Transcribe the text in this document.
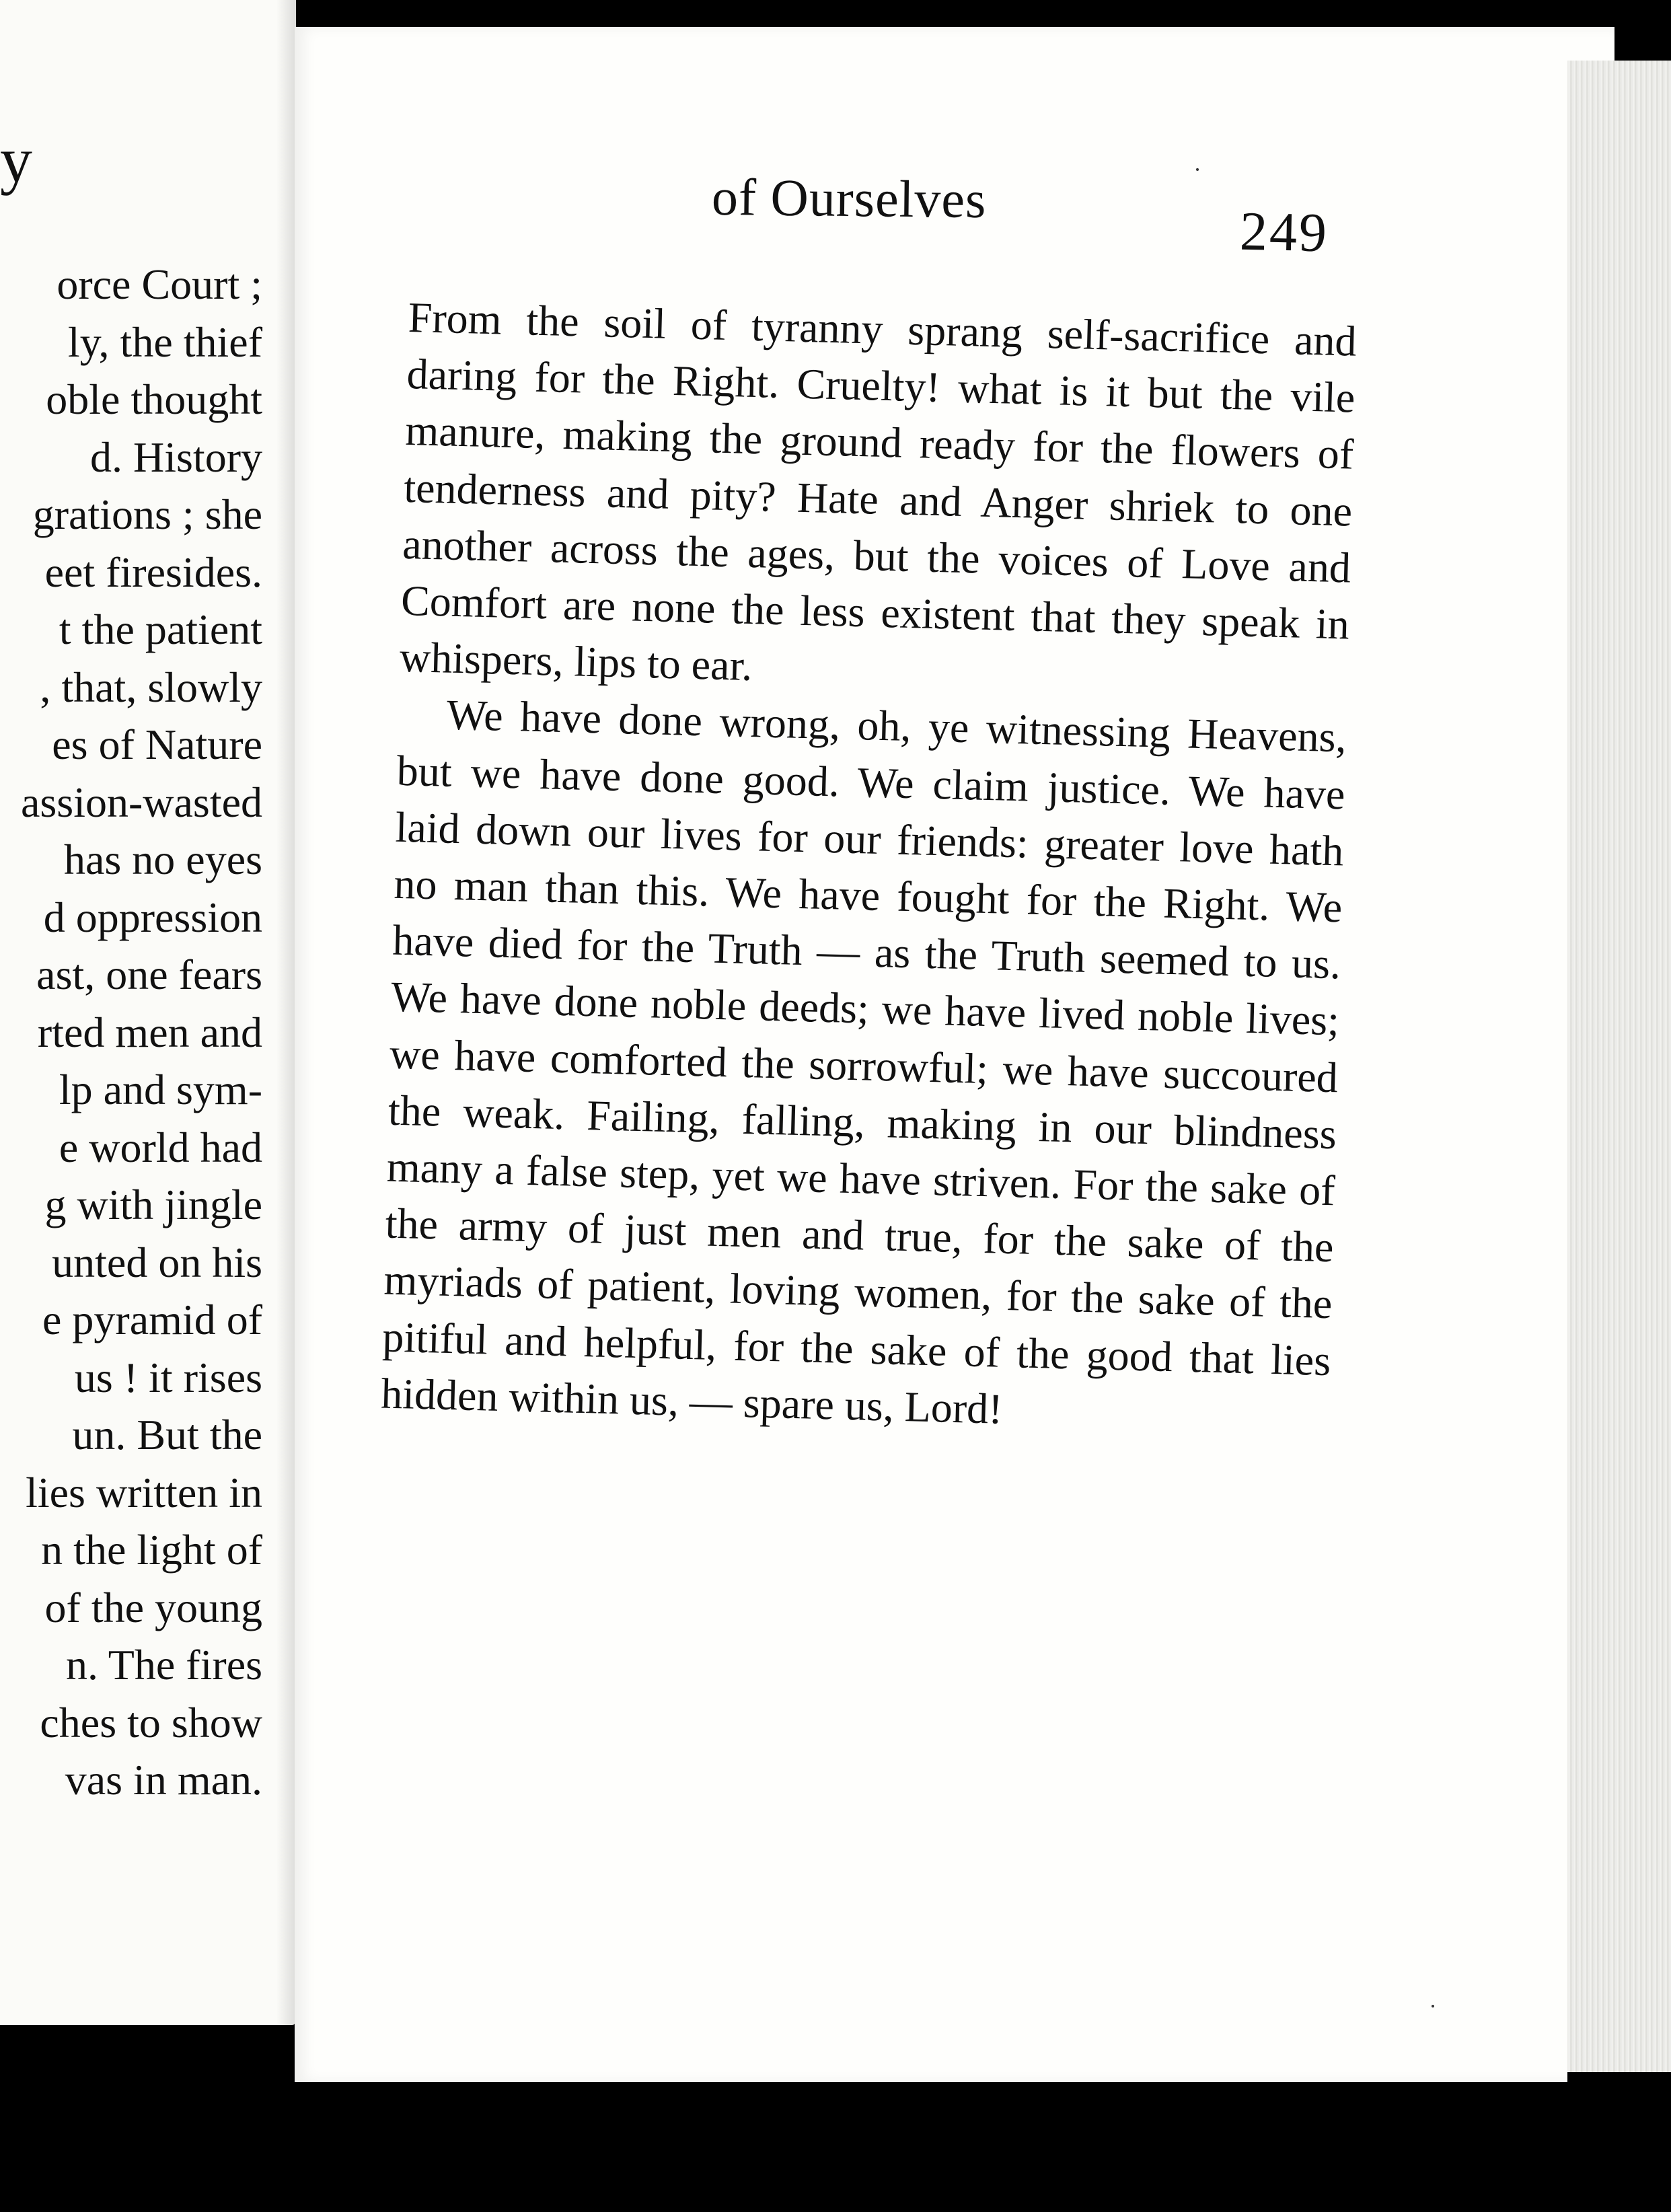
y
orce Court ;
ly, the thief
oble thought
d. History
grations ; she
eet firesides.
t the patient
, that, slowly
es of Nature
assion-wasted
has no eyes
d oppression
ast, one fears
rted men and
lp and sym-
e world had
g with jingle
unted on his
e pyramid of
us ! it rises
un. But the
lies written in
n the light of
of the young
n. The fires
ches to show
vas in man.
of Ourselves
249

From the soil of tyranny sprang self-sacrifice and daring for the Right. Cruelty! what is it but the vile manure, making the ground ready for the flowers of tenderness and pity? Hate and Anger shriek to one another across the ages, but the voices of Love and Comfort are none the less existent that they speak in whispers, lips to ear.

We have done wrong, oh, ye witnessing Heavens, but we have done good. We claim justice. We have laid down our lives for our friends: greater love hath no man than this. We have fought for the Right. We have died for the Truth — as the Truth seemed to us. We have done noble deeds; we have lived noble lives; we have comforted the sorrowful; we have succoured the weak. Failing, falling, making in our blindness many a false step, yet we have striven. For the sake of the army of just men and true, for the sake of the myriads of patient, loving women, for the sake of the pitiful and helpful, for the sake of the good that lies hidden within us, — spare us, Lord!
